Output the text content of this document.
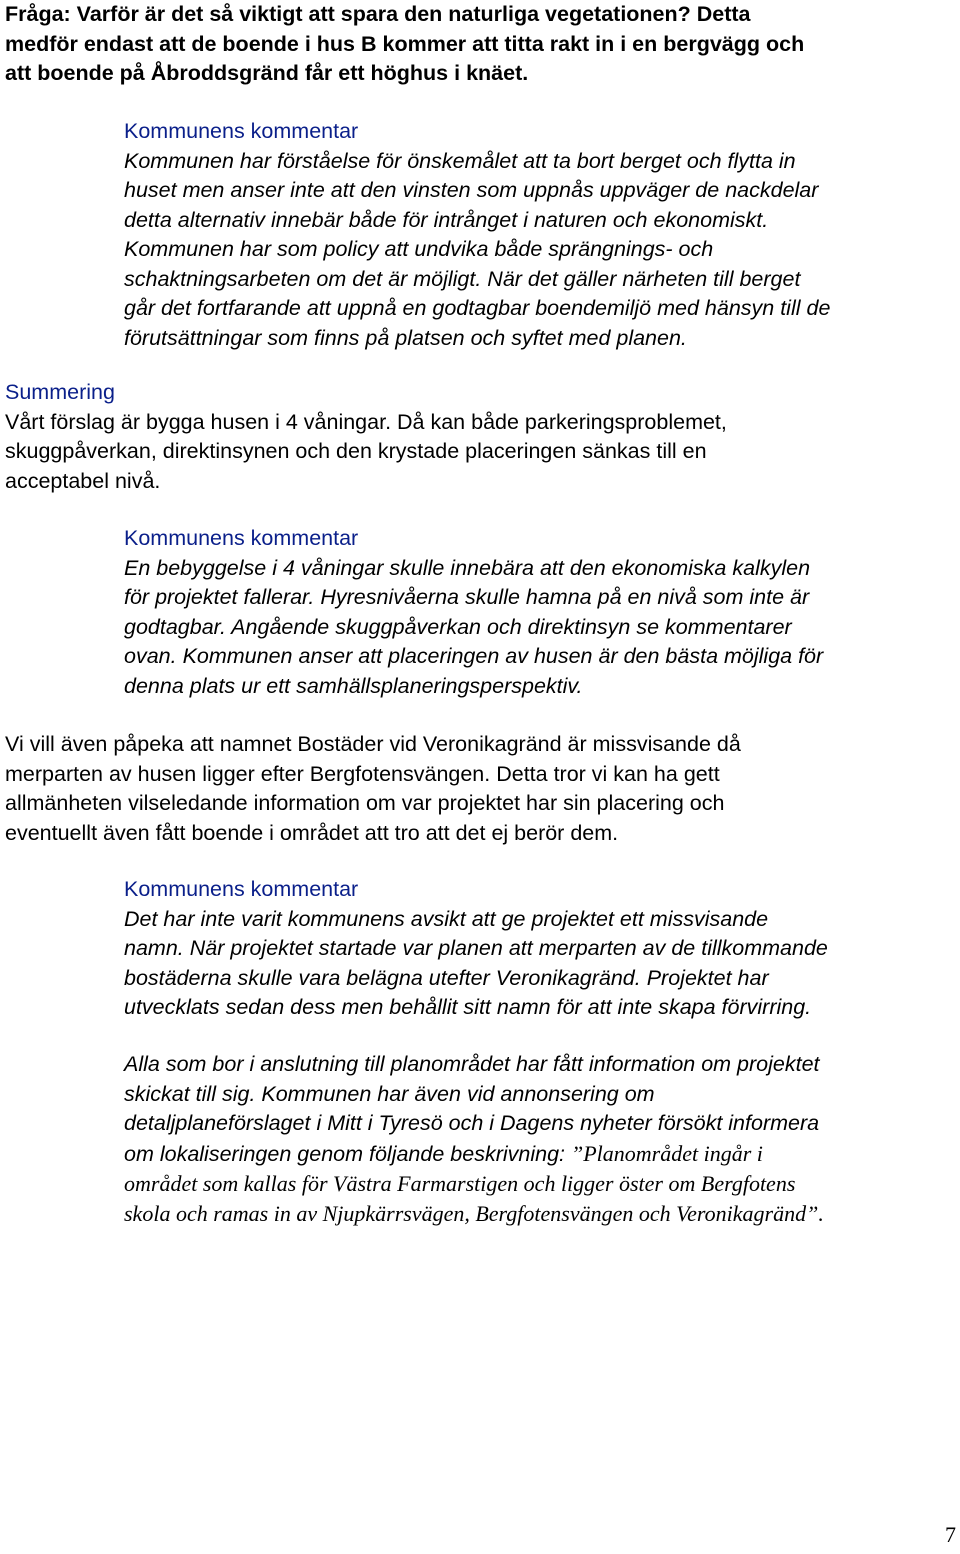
Fråga: Varför är det så viktigt att spara den naturliga vegetationen? Detta
medför endast att de boende i hus B kommer att titta rakt in i en bergvägg och
att boende på Åbroddsgränd får ett höghus i knäet.
Kommunens kommentar
Kommunen har förståelse för önskemålet att ta bort berget och flytta in
huset men anser inte att den vinsten som uppnås uppväger de nackdelar
detta alternativ innebär både för intrånget i naturen och ekonomiskt.
Kommunen har som policy att undvika både sprängnings- och
schaktningsarbeten om det är möjligt. När det gäller närheten till berget
går det fortfarande att uppnå en godtagbar boendemiljö med hänsyn till de
förutsättningar som finns på platsen och syftet med planen.
Summering
Vårt förslag är bygga husen i 4 våningar. Då kan både parkeringsproblemet,
skuggpåverkan, direktinsynen och den krystade placeringen sänkas till en
acceptabel nivå.
Kommunens kommentar
En bebyggelse i 4 våningar skulle innebära att den ekonomiska kalkylen
för projektet fallerar. Hyresnivåerna skulle hamna på en nivå som inte är
godtagbar. Angående skuggpåverkan och direktinsyn se kommentarer
ovan. Kommunen anser att placeringen av husen är den bästa möjliga för
denna plats ur ett samhällsplaneringsperspektiv.
Vi vill även påpeka att namnet Bostäder vid Veronikagränd är missvisande då
merparten av husen ligger efter Bergfotensvängen. Detta tror vi kan ha gett
allmänheten vilseledande information om var projektet har sin placering och
eventuellt även fått boende i området att tro att det ej berör dem.
Kommunens kommentar
Det har inte varit kommunens avsikt att ge projektet ett missvisande
namn. När projektet startade var planen att merparten av de tillkommande
bostäderna skulle vara belägna utefter Veronikagränd. Projektet har
utvecklats sedan dess men behållit sitt namn för att inte skapa förvirring.
Alla som bor i anslutning till planområdet har fått information om projektet
skickat till sig. Kommunen har även vid annonsering om
detaljplaneförslaget i Mitt i Tyresö och i Dagens nyheter försökt informera
om lokaliseringen genom följande beskrivning: ”Planområdet ingår i
området som kallas för Västra Farmarstigen och ligger öster om Bergfotens
skola och ramas in av Njupkärrsvägen, Bergfotensvängen och Veronikagränd”.
7
